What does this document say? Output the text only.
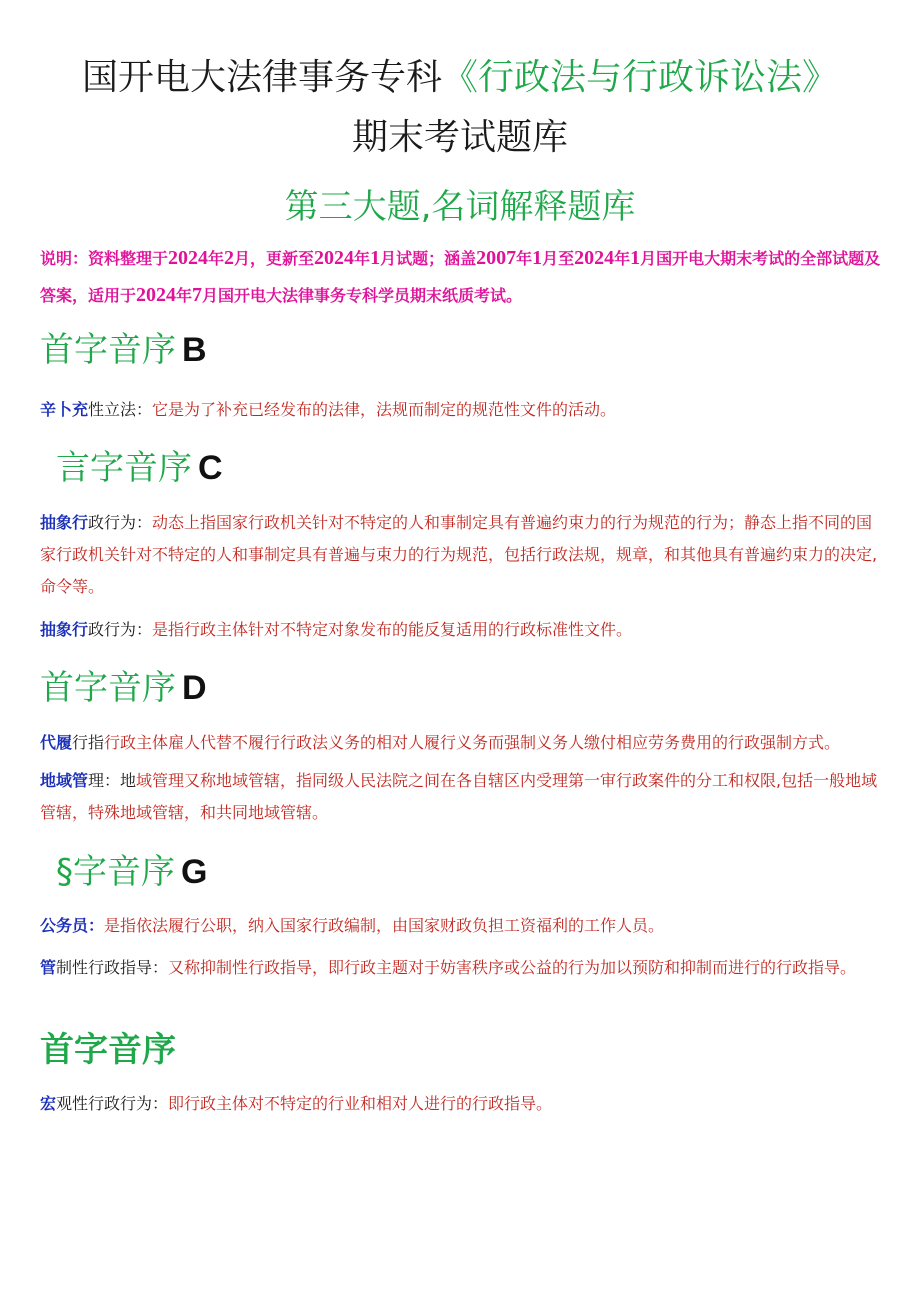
国开电大法律事务专科《行政法与行政诉讼法》
期末考试题库
第三大题,名词解释题库
说明：资料整理于2024年2月，更新至2024年1月试题；涵盖2007年1月至2024年1月国开电大期末考试的全部试题及答案，适用于2024年7月国开电大法律事务专科学员期末纸质考试。
首字音序 B
辛卜充性立法：它是为了补充已经发布的法律，法规而制定的规范性文件的活动。
言字音序 C
抽象行政行为：动态上指国家行政机关针对不特定的人和事制定具有普遍约束力的行为规范的行为；静态上指不同的国家行政机关针对不特定的人和事制定具有普遍与束力的行为规范，包括行政法规，规章，和其他具有普遍约束力的决定,命令等。
抽象行政行为：是指行政主体针对不特定对象发布的能反复适用的行政标准性文件。
首字音序 D
代履行指行政主体雇人代替不履行行政法义务的相对人履行义务而强制义务人缴付相应劳务费用的行政强制方式。
地域管理：地域管理又称地域管辖，指同级人民法院之间在各自辖区内受理第一审行政案件的分工和权限,包括一般地域管辖，特殊地域管辖，和共同地域管辖。
§字音序 G
公务员：是指依法履行公职，纳入国家行政编制，由国家财政负担工资福利的工作人员。
管制性行政指导：又称抑制性行政指导，即行政主题对于妨害秩序或公益的行为加以预防和抑制而进行的行政指导。
首字音序
宏观性行政行为：即行政主体对不特定的行业和相对人进行的行政指导。
